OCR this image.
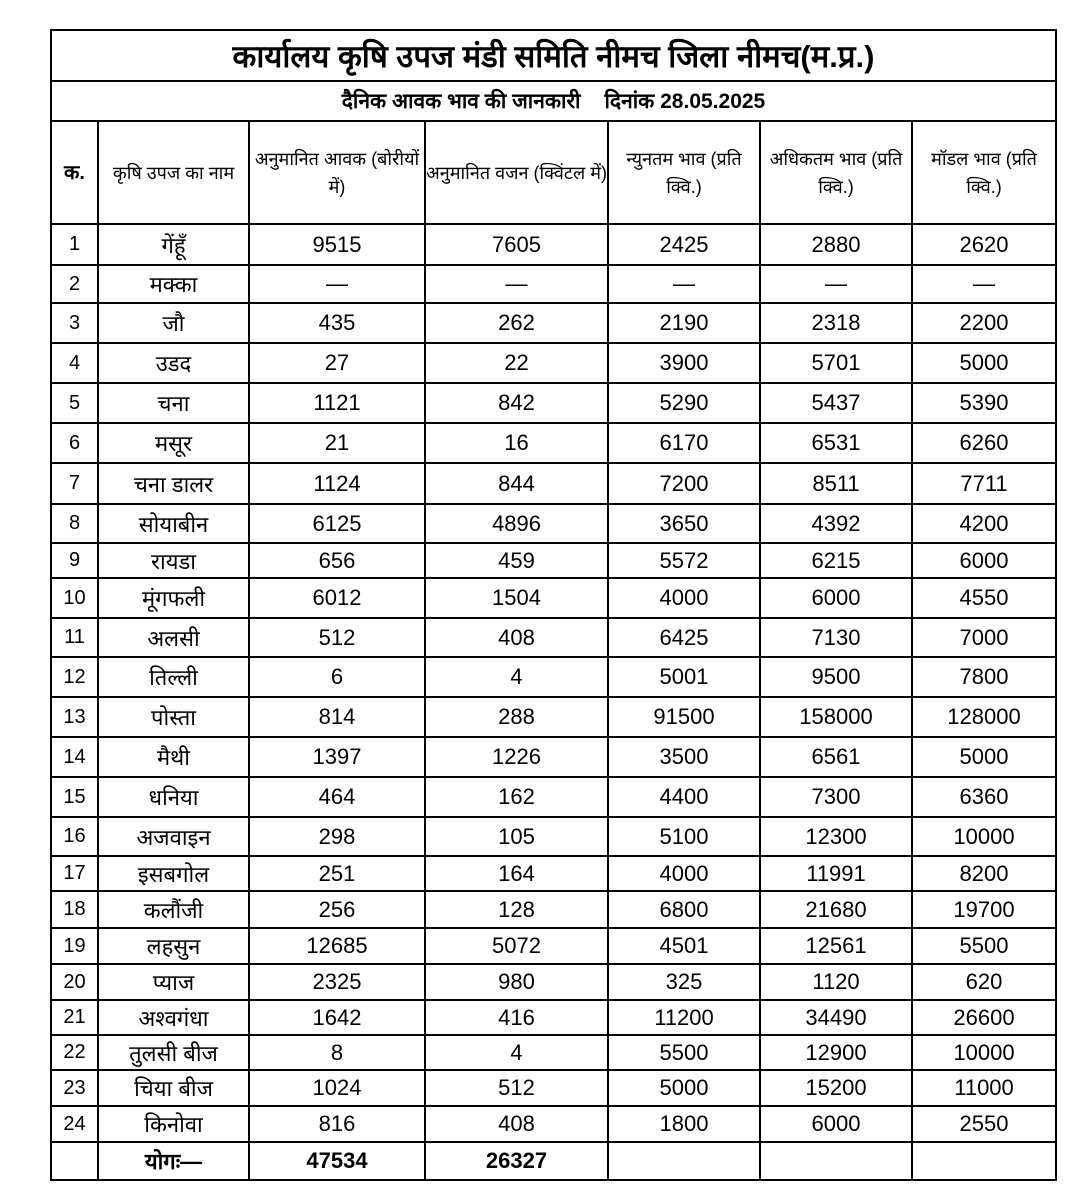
कार्यालय कृषि उपज मंडी समिति नीमच जिला नीमच(म.प्र.)						
दैनिक आवक भाव की जानकारी दिनांक 28.05.2025						
क.	कृषि उपज का नाम	अनुमानित आवक (बोरीयों में)	अनुमानित वजन (क्विंटल में)	न्युनतम भाव (प्रति क्वि.)	अधिकतम भाव (प्रति क्वि.)	मॉडल भाव (प्रति क्वि.)
1	गेंहूँ	9515	7605	2425	2880	2620
2	मक्का	—	—	—	—	—
3	जौ	435	262	2190	2318	2200
4	उडद	27	22	3900	5701	5000
5	चना	1121	842	5290	5437	5390
6	मसूर	21	16	6170	6531	6260
7	चना डालर	1124	844	7200	8511	7711
8	सोयाबीन	6125	4896	3650	4392	4200
9	रायडा	656	459	5572	6215	6000
10	मूंगफली	6012	1504	4000	6000	4550
11	अलसी	512	408	6425	7130	7000
12	तिल्ली	6	4	5001	9500	7800
13	पोस्ता	814	288	91500	158000	128000
14	मैथी	1397	1226	3500	6561	5000
15	धनिया	464	162	4400	7300	6360
16	अजवाइन	298	105	5100	12300	10000
17	इसबगोल	251	164	4000	11991	8200
18	कलौंजी	256	128	6800	21680	19700
19	लहसुन	12685	5072	4501	12561	5500
20	प्याज	2325	980	325	1120	620
21	अश्वगंधा	1642	416	11200	34490	26600
22	तुलसी बीज	8	4	5500	12900	10000
23	चिया बीज	1024	512	5000	15200	11000
24	किनोवा	816	408	1800	6000	2550
	योगः—	47534	26327			
